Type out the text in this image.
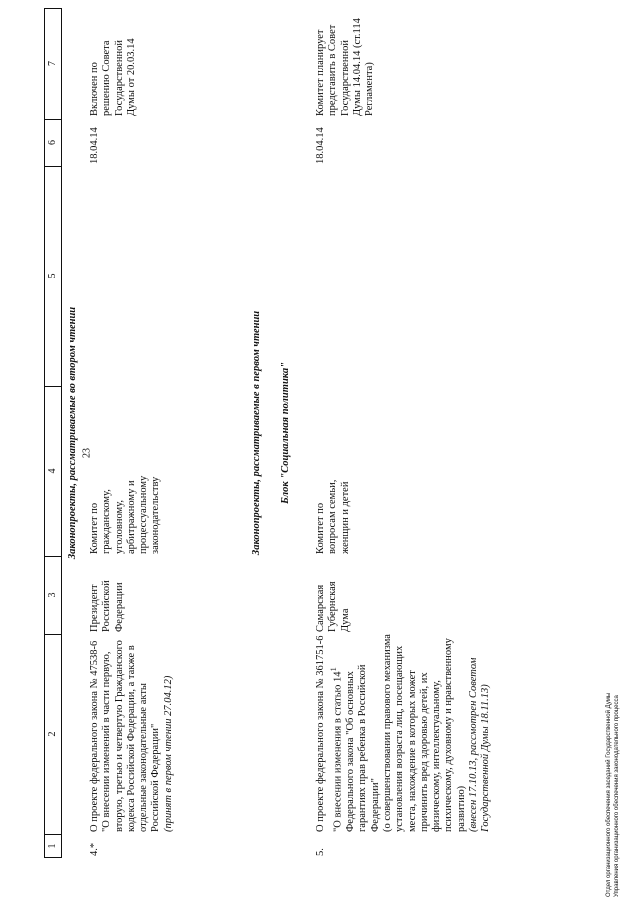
23
1
2
3
4
5
6
7
Законопроекты, рассматриваемые во втором чтении
4.*
О проекте федерального закона № 47538-6 "О внесении изменений в части первую, вторую, третью и четвертую Гражданского кодекса Российской Федерации, а также в отдельные законодательные акты Российской Федерации"
(принят в первом чтении 27.04.12)
Президент Российской Федерации
Комитет по гражданскому, уголовному, арбитражному и процессуальному законодательству
18.04.14
Включен по решению Совета Государственной Думы от 20.03.14
Законопроекты, рассматриваемые в первом чтении Блок "Социальная политика"
5.
О проекте федерального закона № 361751-6 "О внесении изменения в статью $14^1$ Федерального закона "Об основных гарантиях прав ребенка в Российской Федерации"
(о совершенствовании правового механизма установления возраста лиц, посещающих места, нахождение в которых может причинить вред здоровью детей, их физическому, интеллектуальному, психическому, духовному и нравственному развитию)
(внесен 17.10.13, рассмотрен Советом Государственной Думы 18.11.13)
Самарская Губернская Дума
Комитет по вопросам семьи, женщин и детей
18.04.14
Комитет планирует представить в Совет Государственной Думы 14.04.14 (ст.114 Регламента)
Отдел организационного обеспечения заседаний Государственной Думы Управления организационного обеспечения законодательного процесса
